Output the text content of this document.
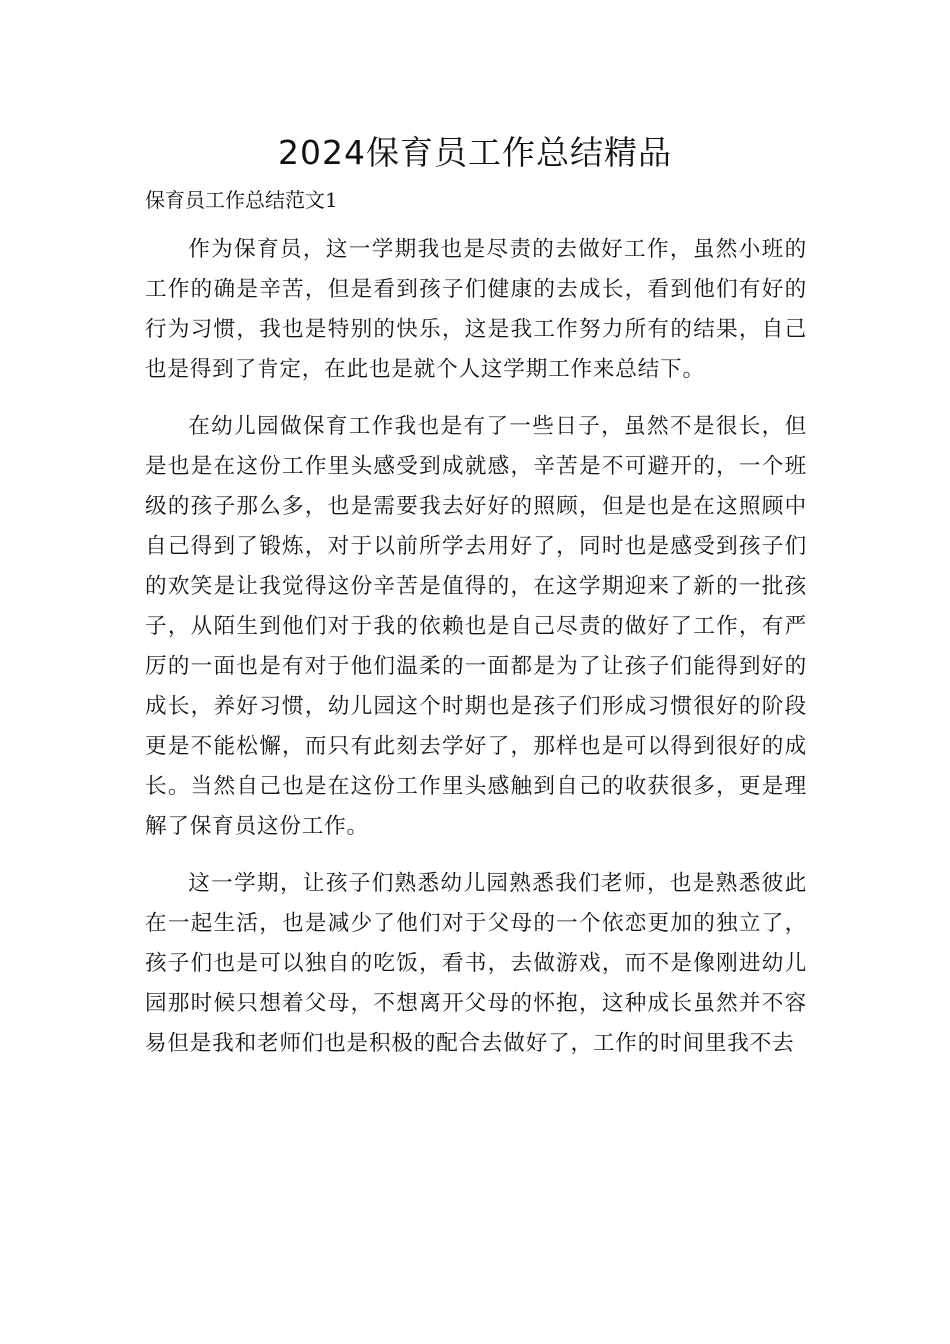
2024保育员工作总结精品

保育员工作总结范文1

作为保育员，这一学期我也是尽责的去做好工作，虽然小班的工作的确是辛苦，但是看到孩子们健康的去成长，看到他们有好的行为习惯，我也是特别的快乐，这是我工作努力所有的结果，自己也是得到了肯定，在此也是就个人这学期工作来总结下。

在幼儿园做保育工作我也是有了一些日子，虽然不是很长，但是也是在这份工作里头感受到成就感，辛苦是不可避开的，一个班级的孩子那么多，也是需要我去好好的照顾，但是也是在这照顾中自己得到了锻炼，对于以前所学去用好了，同时也是感受到孩子们的欢笑是让我觉得这份辛苦是值得的，在这学期迎来了新的一批孩子，从陌生到他们对于我的依赖也是自己尽责的做好了工作，有严厉的一面也是有对于他们温柔的一面都是为了让孩子们能得到好的成长，养好习惯，幼儿园这个时期也是孩子们形成习惯很好的阶段更是不能松懈，而只有此刻去学好了，那样也是可以得到很好的成长。当然自己也是在这份工作里头感触到自己的收获很多，更是理解了保育员这份工作。

这一学期，让孩子们熟悉幼儿园熟悉我们老师，也是熟悉彼此在一起生活，也是减少了他们对于父母的一个依恋更加的独立了，孩子们也是可以独自的吃饭，看书，去做游戏，而不是像刚进幼儿园那时候只想着父母，不想离开父母的怀抱，这种成长虽然并不容易但是我和老师们也是积极的配合去做好了，工作的时间里我不去
